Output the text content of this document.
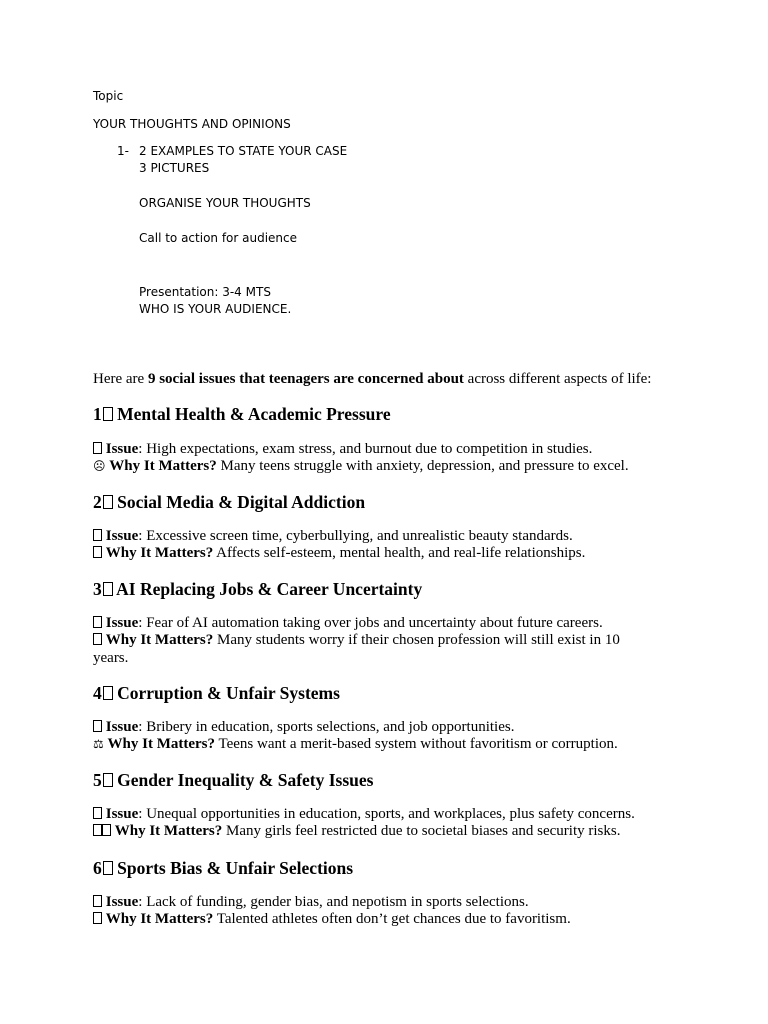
Topic
YOUR THOUGHTS AND OPINIONS
1- 2 EXAMPLES TO STATE YOUR CASE
3 PICTURES
ORGANISE YOUR THOUGHTS
Call to action for audience
Presentation: 3-4 MTS
WHO IS YOUR AUDIENCE.
Here are 9 social issues that teenagers are concerned about across different aspects of life:
1 Mental Health & Academic Pressure
Issue: High expectations, exam stress, and burnout due to competition in studies.
☹ Why It Matters? Many teens struggle with anxiety, depression, and pressure to excel.
2 Social Media & Digital Addiction
Issue: Excessive screen time, cyberbullying, and unrealistic beauty standards.
Why It Matters? Affects self-esteem, mental health, and real-life relationships.
3 AI Replacing Jobs & Career Uncertainty
Issue: Fear of AI automation taking over jobs and uncertainty about future careers.
Why It Matters? Many students worry if their chosen profession will still exist in 10
years.
4 Corruption & Unfair Systems
Issue: Bribery in education, sports selections, and job opportunities.
⚖ Why It Matters? Teens want a merit-based system without favoritism or corruption.
5 Gender Inequality & Safety Issues
Issue: Unequal opportunities in education, sports, and workplaces, plus safety concerns.
Why It Matters? Many girls feel restricted due to societal biases and security risks.
6 Sports Bias & Unfair Selections
Issue: Lack of funding, gender bias, and nepotism in sports selections.
Why It Matters? Talented athletes often don’t get chances due to favoritism.
